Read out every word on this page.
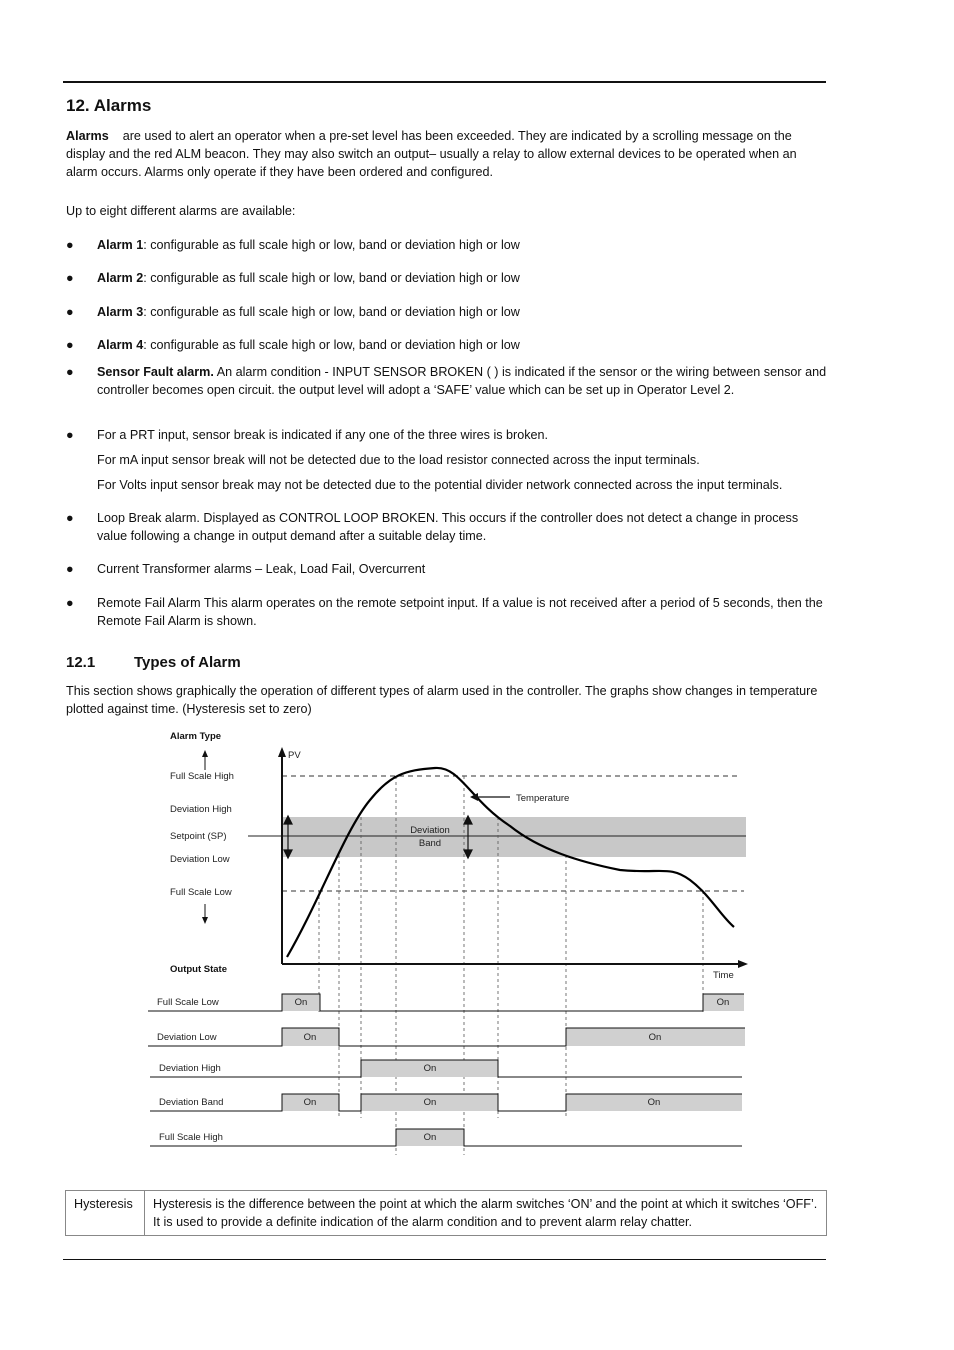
12. Alarms

Alarms are used to alert an operator when a pre-set level has been exceeded. They are indicated by a scrolling message on the display and the red ALM beacon. They may also switch an output– usually a relay to allow external devices to be operated when an alarm occurs. Alarms only operate if they have been ordered and configured.

Up to eight different alarms are available:

● Alarm 1: configurable as full scale high or low, band or deviation high or low
● Alarm 2: configurable as full scale high or low, band or deviation high or low
● Alarm 3: configurable as full scale high or low, band or deviation high or low
● Alarm 4: configurable as full scale high or low, band or deviation high or low
● Sensor Fault alarm. An alarm condition - INPUT SENSOR BROKEN ( ) is indicated if the sensor or the wiring between sensor and controller becomes open circuit. the output level will adopt a ‘SAFE’ value which can be set up in Operator Level 2.
● For a PRT input, sensor break is indicated if any one of the three wires is broken.
For mA input sensor break will not be detected due to the load resistor connected across the input terminals.
For Volts input sensor break may not be detected due to the potential divider network connected across the input terminals.
● Loop Break alarm. Displayed as CONTROL LOOP BROKEN. This occurs if the controller does not detect a change in process value following a change in output demand after a suitable delay time.
● Current Transformer alarms – Leak, Load Fail, Overcurrent
● Remote Fail Alarm This alarm operates on the remote setpoint input. If a value is not received after a period of 5 seconds, then the Remote Fail Alarm is shown.
12.1	Types of Alarm

This section shows graphically the operation of different types of alarm used in the controller. The graphs show changes in temperature plotted against time. (Hysteresis set to zero)

Temperature
Deviation
Band
Alarm Type
Full Scale High
Deviation High
Setpoint (SP)
Deviation Low
Full Scale Low
PV
Time
Output State
Full Scale Low	On	On
Deviation Low	On	On
Deviation High	On
Deviation Band	On	On	On
Full Scale High	On
Hysteresis	Hysteresis is the difference between the point at which the alarm switches ‘ON’ and the point at which it switches ‘OFF’. It is used to provide a definite indication of the alarm condition and to prevent alarm relay chatter.
